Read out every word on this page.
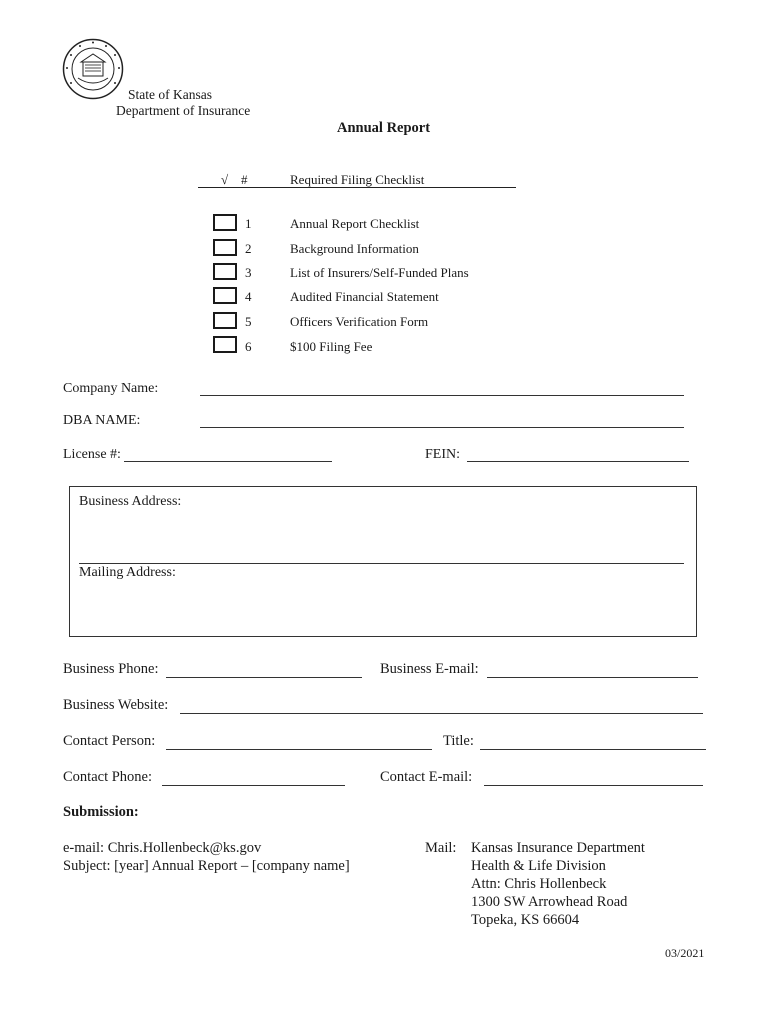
State of Kansas
Department of Insurance
Annual Report
√ #	Required Filing Checklist
1	Annual Report Checklist
2	Background Information
3	List of Insurers/Self-Funded Plans
4	Audited Financial Statement
5	Officers Verification Form
6	$100 Filing Fee
Company Name:
DBA NAME:
License #:	FEIN:
Business Address:
Mailing Address:
Business Phone:	Business E-mail:
Business Website:
Contact Person:	Title:
Contact Phone:	Contact E-mail:
Submission:
e-mail: Chris.Hollenbeck@ks.gov
Subject: [year] Annual Report – [company name]
Mail: Kansas Insurance Department
Health & Life Division
Attn: Chris Hollenbeck
1300 SW Arrowhead Road
Topeka, KS 66604
03/2021
